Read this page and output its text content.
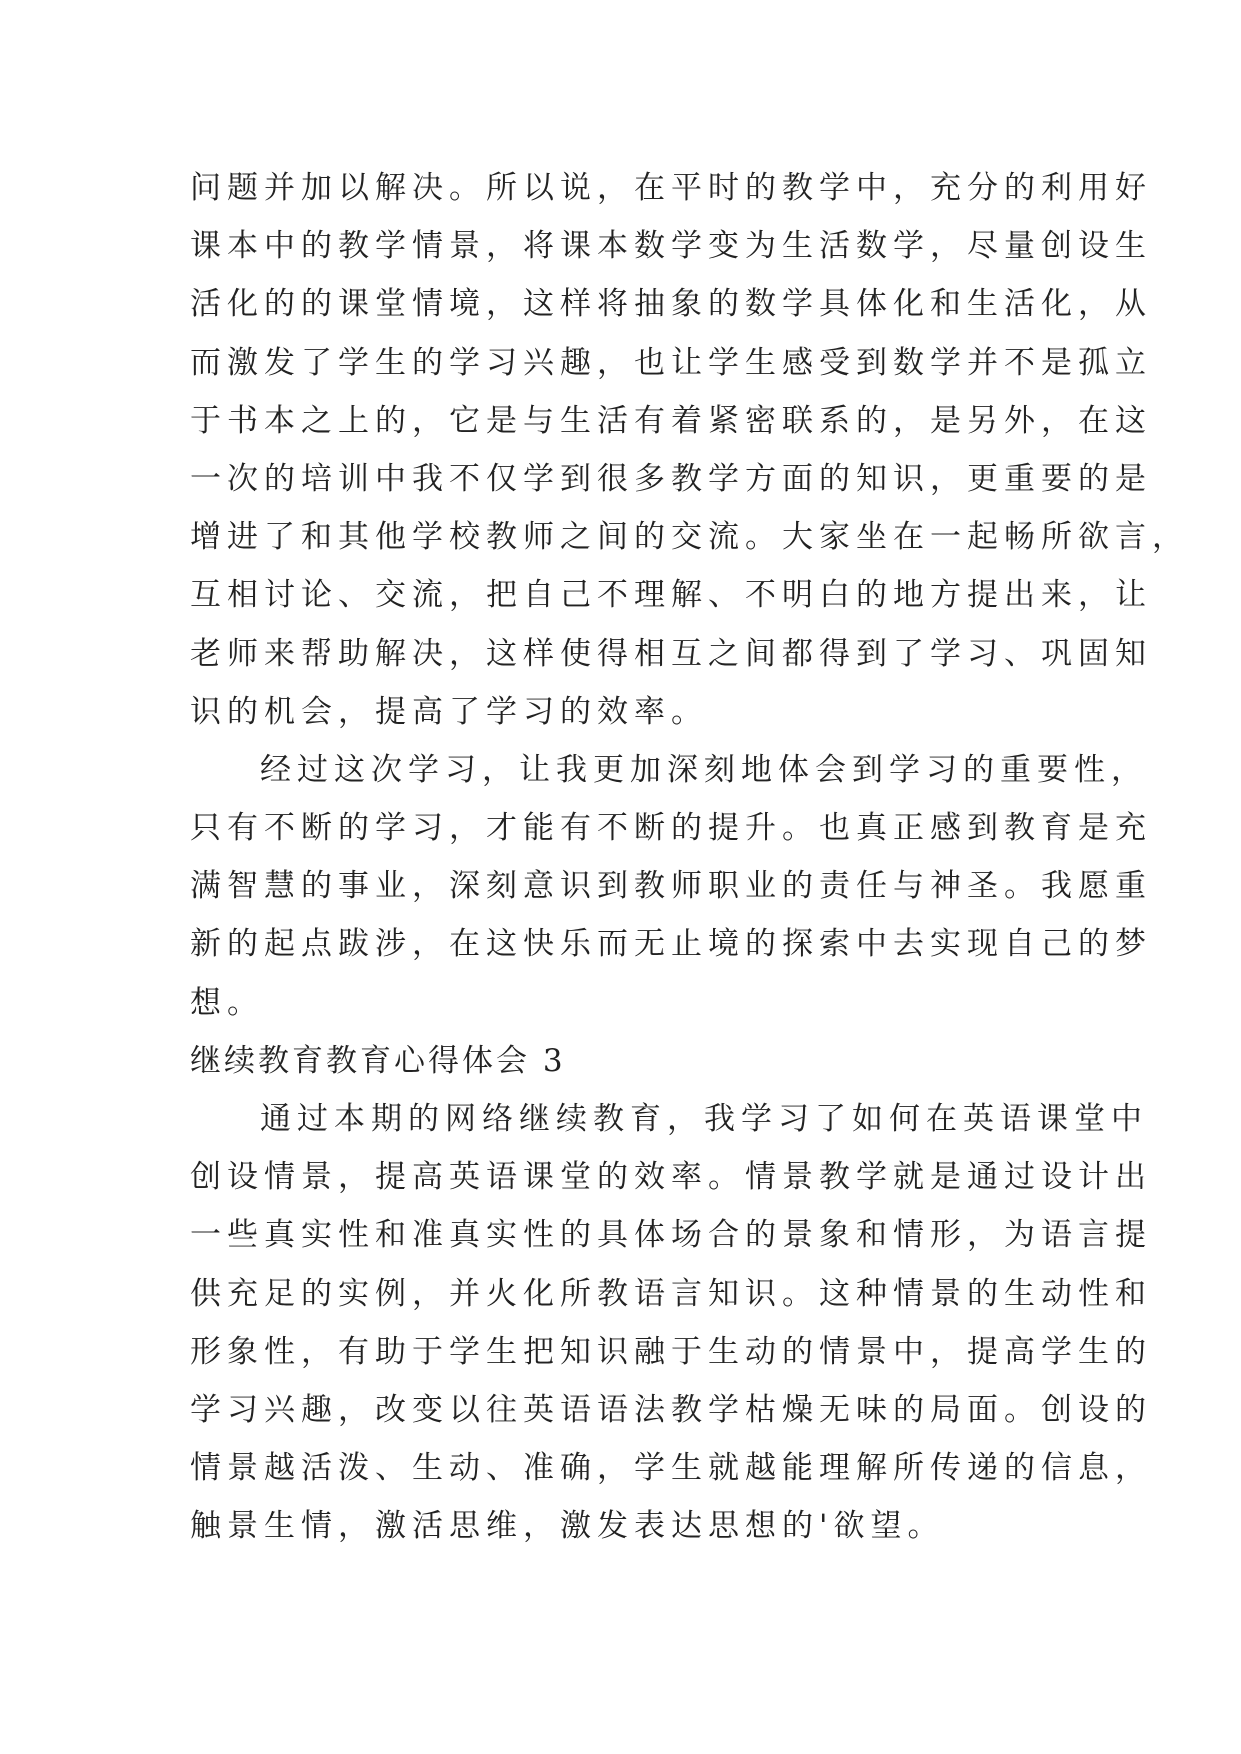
问题并加以解决。所以说，在平时的教学中，充分的利用好
课本中的教学情景，将课本数学变为生活数学，尽量创设生
活化的的课堂情境，这样将抽象的数学具体化和生活化，从
而激发了学生的学习兴趣，也让学生感受到数学并不是孤立
于书本之上的，它是与生活有着紧密联系的，是另外，在这
一次的培训中我不仅学到很多教学方面的知识，更重要的是
增进了和其他学校教师之间的交流。大家坐在一起畅所欲言，
互相讨论、交流，把自己不理解、不明白的地方提出来，让
老师来帮助解决，这样使得相互之间都得到了学习、巩固知
识的机会，提高了学习的效率。
经过这次学习，让我更加深刻地体会到学习的重要性，
只有不断的学习，才能有不断的提升。也真正感到教育是充
满智慧的事业，深刻意识到教师职业的责任与神圣。我愿重
新的起点跋涉，在这快乐而无止境的探索中去实现自己的梦
想。
继续教育教育心得体会 3
通过本期的网络继续教育，我学习了如何在英语课堂中
创设情景，提高英语课堂的效率。情景教学就是通过设计出
一些真实性和准真实性的具体场合的景象和情形，为语言提
供充足的实例，并火化所教语言知识。这种情景的生动性和
形象性，有助于学生把知识融于生动的情景中，提高学生的
学习兴趣，改变以往英语语法教学枯燥无味的局面。创设的
情景越活泼、生动、准确，学生就越能理解所传递的信息，
触景生情，激活思维，激发表达思想的'欲望。
